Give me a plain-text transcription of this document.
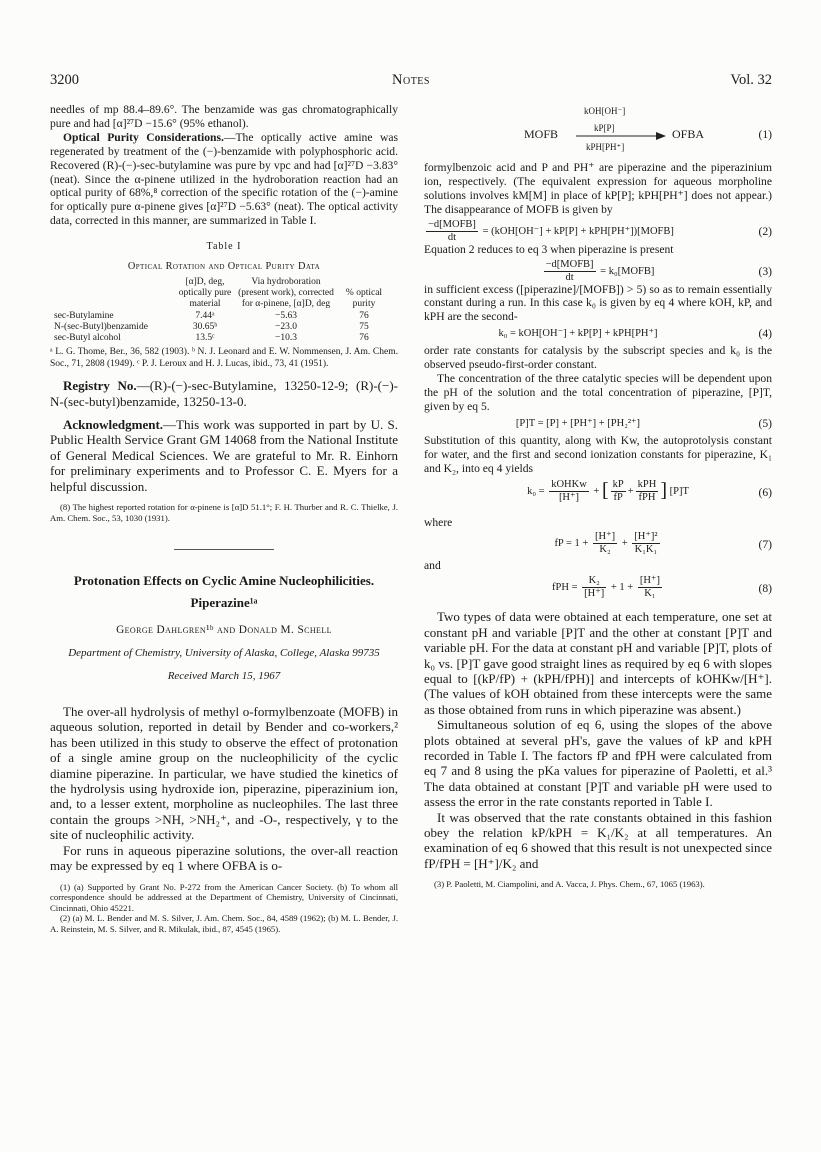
3200	Notes	Vol. 32

needles of mp 88.4–89.6°. The benzamide was gas chromatographically pure and had [α]²⁷D −15.6° (95% ethanol).

Optical Purity Considerations.—The optically active amine was regenerated by treatment of the (−)-benzamide with polyphosphoric acid. Recovered (R)-(−)-sec-butylamine was pure by vpc and had [α]²⁷D −3.83° (neat). Since the α-pinene utilized in the hydroboration reaction had an optical purity of 68%,⁸ correction of the specific rotation of the (−)-amine for optically pure α-pinene gives [α]²⁷D −5.63° (neat). The optical activity data, corrected in this manner, are summarized in Table I.

Table I
Optical Rotation and Optical Purity Data
	[α]D, deg, optically pure material	Via hydroboration (present work), corrected for α-pinene, [α]D, deg	% optical purity
sec-Butylamine	7.44ᵃ	−5.63	76
N-(sec-Butyl)benzamide	30.65ᵇ	−23.0	75
sec-Butyl alcohol	13.5ᶜ	−10.3	76

ᵃ L. G. Thome, Ber., 36, 582 (1903). ᵇ N. J. Leonard and E. W. Nommensen, J. Am. Chem. Soc., 71, 2808 (1949). ᶜ P. J. Leroux and H. J. Lucas, ibid., 73, 41 (1951).

Registry No.—(R)-(−)-sec-Butylamine, 13250-12-9; (R)-(−)-N-(sec-butyl)benzamide, 13250-13-0.

Acknowledgment.—This work was supported in part by U. S. Public Health Service Grant GM 14068 from the National Institute of General Medical Sciences. We are grateful to Mr. R. Einhorn for preliminary experiments and to Professor C. E. Myers for a helpful discussion.

(8) The highest reported rotation for α-pinene is [α]D 51.1°; F. H. Thurber and R. C. Thielke, J. Am. Chem. Soc., 53, 1030 (1931).

Protonation Effects on Cyclic Amine Nucleophilicities. Piperazine¹ᵃ
George Dahlgren¹ᵇ and Donald M. Schell
Department of Chemistry, University of Alaska, College, Alaska 99735
Received March 15, 1967

The over-all hydrolysis of methyl o-formylbenzoate (MOFB) in aqueous solution, reported in detail by Bender and co-workers,² has been utilized in this study to observe the effect of protonation of a single amine group on the nucleophilicity of the cyclic diamine piperazine. In particular, we have studied the kinetics of the hydrolysis using hydroxide ion, piperazine, piperazinium ion, and, to a lesser extent, morpholine as nucleophiles. The last three contain the groups >NH, >NH₂⁺, and -O-, respectively, γ to the site of nucleophilic activity.

For runs in aqueous piperazine solutions, the over-all reaction may be expressed by eq 1 where OFBA is o-

(1) (a) Supported by Grant No. P-272 from the American Cancer Society. (b) To whom all correspondence should be addressed at the Department of Chemistry, University of Cincinnati, Cincinnati, Ohio 45221.

(2) (a) M. L. Bender and M. S. Silver, J. Am. Chem. Soc., 84, 4589 (1962); (b) M. L. Bender, J. A. Reinstein, M. S. Silver, and R. Mikulak, ibid., 87, 4545 (1965).

MOFB	OFBA
kOH[OH⁻]
kP[P]
kPH[PH⁺]
(1)

formylbenzoic acid and P and PH⁺ are piperazine and the piperazinium ion, respectively. (The equivalent expression for aqueous morpholine solutions involves kM[M] in place of kP[P]; kPH[PH⁺] does not appear.) The disappearance of MOFB is given by

$\frac{\text{−d[MOFB]}}{dt} = (kOH[OH^-] + kP[P]$ + kPH[PH⁺])[MOFB]	(2)

Equation 2 reduces to eq 3 when piperazine is present

$\frac{\text{−d[MOFB]}}{dt}$ = k₀[MOFB]	(3)

in sufficient excess ([piperazine]/[MOFB]) > 5) so as to remain essentially constant during a run. In this case k₀ is given by eq 4 where kOH, kP, and kPH are the second-

k₀ = kOH[OH⁻] + kP[P] + kPH[PH⁺]	(4)

order rate constants for catalysis by the subscript species and k₀ is the observed pseudo-first-order constant.

The concentration of the three catalytic species will be dependent upon the pH of the solution and the total concentration of piperazine, [P]T, given by eq 5.

[P]T = [P] + [PH⁺] + [PH₂²⁺]	(5)

Substitution of this quantity, along with Kw, the autoprotolysis constant for water, and the first and second ionization constants for piperazine, K₁ and K₂, into eq 4 yields

$k_0 = \frac{\text{kOHKw}}{[H^+]}$ + [ $\frac{kP}{fP} + \frac{\text{kPH}}{\text{fPH}}$ ] [P]T	(6)

where

fP = $1 + \frac{[H^+]}{\text{K₂}} + \frac{\text{[H⁺]²}}{\text{K₁K₁}}$	(7)

and

fPH = $\frac{\text{K₂}}{[H^+]} + 1 + \frac{[H^+]}{\text{K₁}}$	(8)

Two types of data were obtained at each temperature, one set at constant pH and variable [P]T and the other at constant [P]T and variable pH. For the data at constant pH and variable [P]T, plots of k₀ vs. [P]T gave good straight lines as required by eq 6 with slopes equal to [(kP/fP) + (kPH/fPH)] and intercepts of kOHKw/[H⁺]. (The values of kOH obtained from these intercepts were the same as those obtained from runs in which piperazine was absent.)

Simultaneous solution of eq 6, using the slopes of the above plots obtained at several pH's, gave the values of kP and kPH recorded in Table I. The factors fP and fPH were calculated from eq 7 and 8 using the pKa values for piperazine of Paoletti, et al.³ The data obtained at constant [P]T and variable pH were used to assess the error in the rate constants reported in Table I.

It was observed that the rate constants obtained in this fashion obey the relation kP/kPH = K₁/K₂ at all temperatures. An examination of eq 6 showed that this result is not unexpected since fP/fPH = [H⁺]/K₂ and

(3) P. Paoletti, M. Ciampolini, and A. Vacca, J. Phys. Chem., 67, 1065 (1963).
